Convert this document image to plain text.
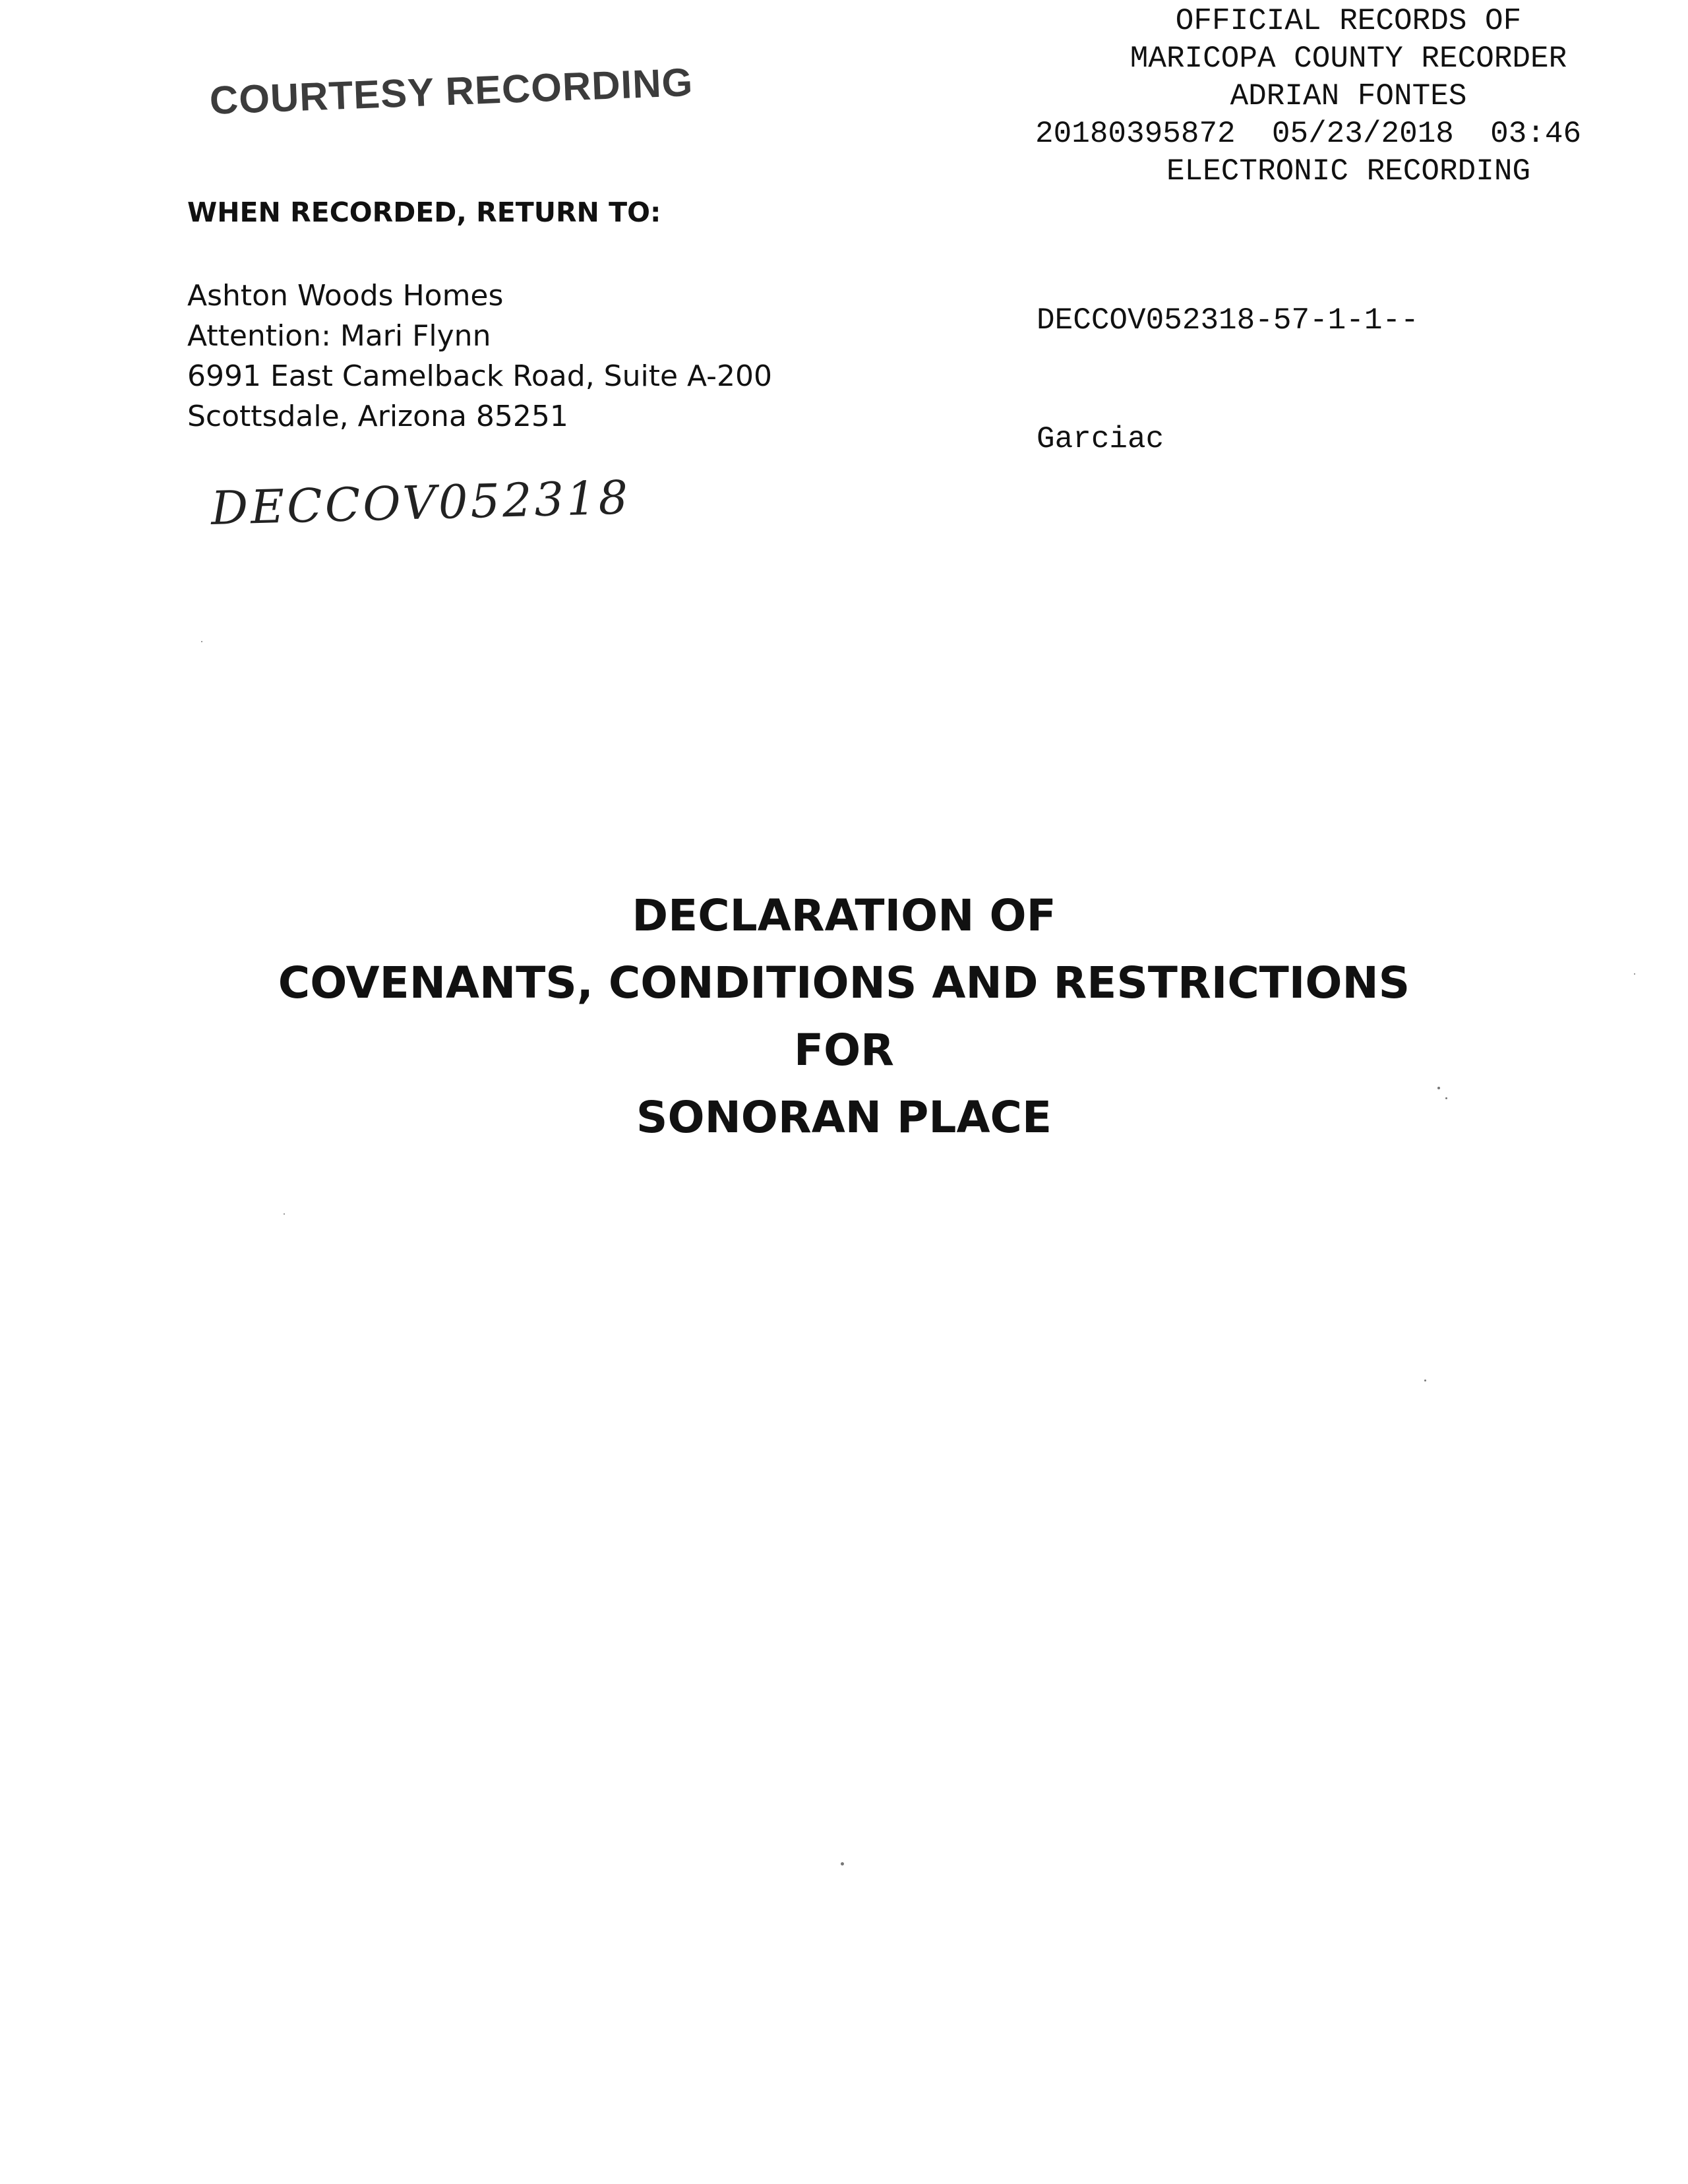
COURTESY RECORDING
OFFICIAL RECORDS OF
MARICOPA COUNTY RECORDER
ADRIAN FONTES
20180395872  05/23/2018  03:46
ELECTRONIC RECORDING

DECCOV052318-57-1-1--

Garciac

WHEN RECORDED, RETURN TO:
Ashton Woods Homes
Attention: Mari Flynn
6991 East Camelback Road, Suite A-200
Scottsdale, Arizona 85251
DECCOV052318
DECLARATION OF
COVENANTS, CONDITIONS AND RESTRICTIONS
FOR
SONORAN PLACE
